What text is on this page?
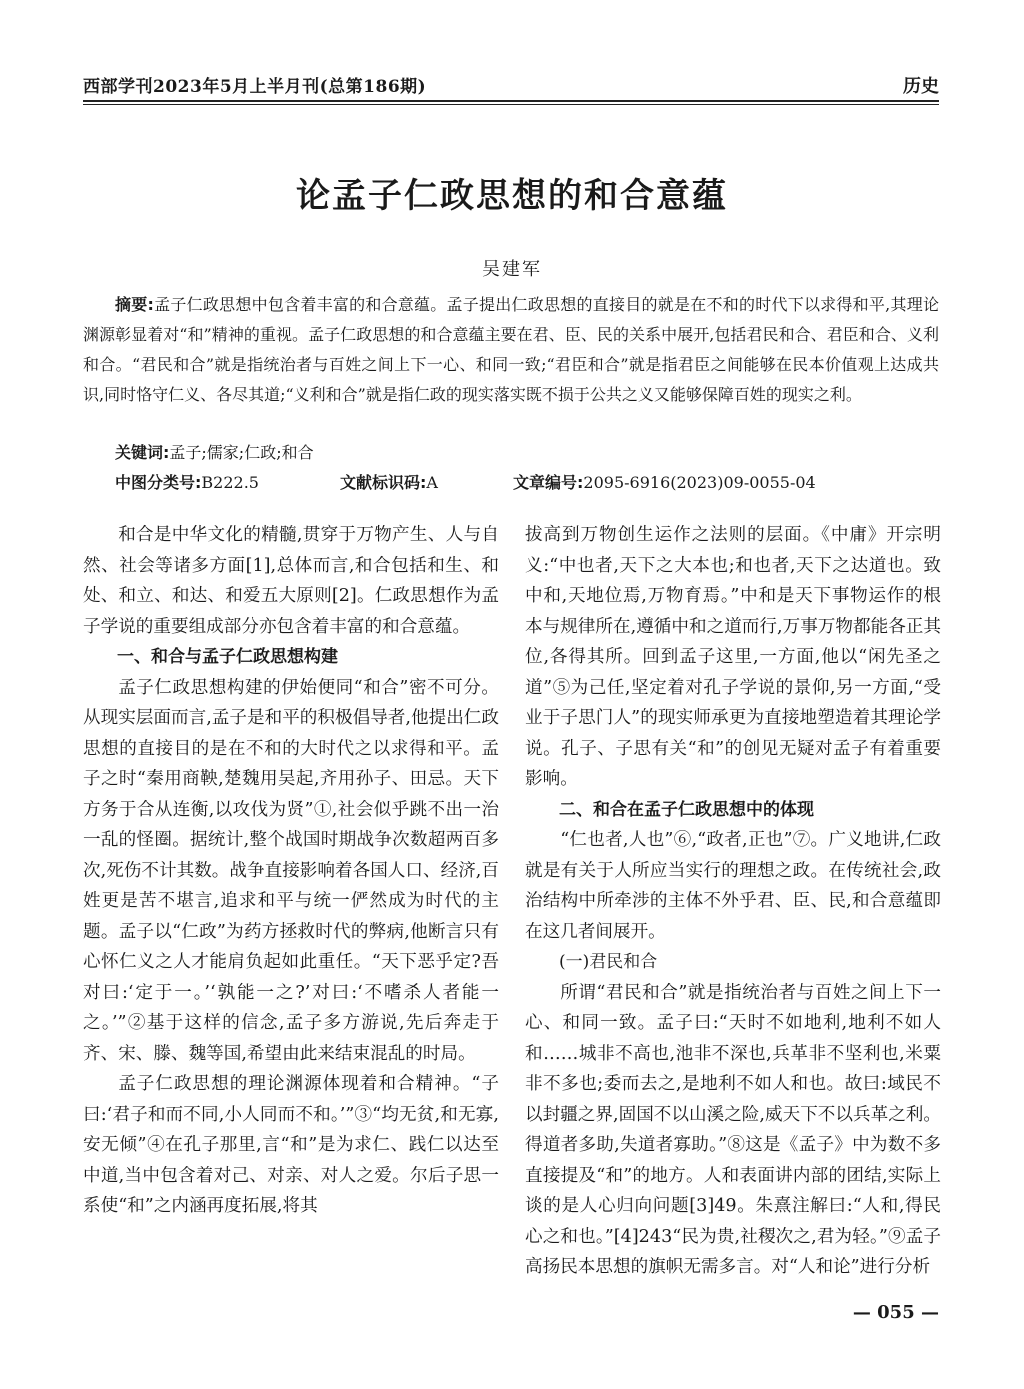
西部学刊2023年5月上半月刊(总第186期)	历史
论孟子仁政思想的和合意蕴
吴建军

摘要:孟子仁政思想中包含着丰富的和合意蕴。孟子提出仁政思想的直接目的就是在不和的时代下以求得和平,其理论渊源彰显着对“和”精神的重视。孟子仁政思想的和合意蕴主要在君、臣、民的关系中展开,包括君民和合、君臣和合、义利和合。“君民和合”就是指统治者与百姓之间上下一心、和同一致;“君臣和合”就是指君臣之间能够在民本价值观上达成共识,同时恪守仁义、各尽其道;“义利和合”就是指仁政的现实落实既不损于公共之义又能够保障百姓的现实之利。

关键词:孟子;儒家;仁政;和合
中图分类号:B222.5	文献标识码:A	文章编号:2095-6916(2023)09-0055-04

和合是中华文化的精髓,贯穿于万物产生、人与自然、社会等诸多方面[1],总体而言,和合包括和生、和处、和立、和达、和爱五大原则[2]。仁政思想作为孟子学说的重要组成部分亦包含着丰富的和合意蕴。

一、和合与孟子仁政思想构建

孟子仁政思想构建的伊始便同“和合”密不可分。从现实层面而言,孟子是和平的积极倡导者,他提出仁政思想的直接目的是在不和的大时代之以求得和平。孟子之时“秦用商鞅,楚魏用吴起,齐用孙子、田忌。天下方务于合从连衡,以攻伐为贤”①,社会似乎跳不出一治一乱的怪圈。据统计,整个战国时期战争次数超两百多次,死伤不计其数。战争直接影响着各国人口、经济,百姓更是苦不堪言,追求和平与统一俨然成为时代的主题。孟子以“仁政”为药方拯救时代的弊病,他断言只有心怀仁义之人才能肩负起如此重任。“天下恶乎定?吾对曰:‘定于一。’‘孰能一之?’对曰:‘不嗜杀人者能一之。’”②基于这样的信念,孟子多方游说,先后奔走于齐、宋、滕、魏等国,希望由此来结束混乱的时局。

孟子仁政思想的理论渊源体现着和合精神。“子曰:‘君子和而不同,小人同而不和。’”③“均无贫,和无寡,安无倾”④在孔子那里,言“和”是为求仁、践仁以达至中道,当中包含着对己、对亲、对人之爱。尔后子思一系使“和”之内涵再度拓展,将其

拔高到万物创生运作之法则的层面。《中庸》开宗明义:“中也者,天下之大本也;和也者,天下之达道也。致中和,天地位焉,万物育焉。”中和是天下事物运作的根本与规律所在,遵循中和之道而行,万事万物都能各正其位,各得其所。回到孟子这里,一方面,他以“闲先圣之道”⑤为己任,坚定着对孔子学说的景仰,另一方面,“受业于子思门人”的现实师承更为直接地塑造着其理论学说。孔子、子思有关“和”的创见无疑对孟子有着重要影响。

二、和合在孟子仁政思想中的体现

“仁也者,人也”⑥,“政者,正也”⑦。广义地讲,仁政就是有关于人所应当实行的理想之政。在传统社会,政治结构中所牵涉的主体不外乎君、臣、民,和合意蕴即在这几者间展开。

(一)君民和合

所谓“君民和合”就是指统治者与百姓之间上下一心、和同一致。孟子曰:“天时不如地利,地利不如人和……城非不高也,池非不深也,兵革非不坚利也,米粟非不多也;委而去之,是地利不如人和也。故曰:域民不以封疆之界,固国不以山溪之险,威天下不以兵革之利。得道者多助,失道者寡助。”⑧这是《孟子》中为数不多直接提及“和”的地方。人和表面讲内部的团结,实际上谈的是人心归向问题[3]49。朱熹注解曰:“人和,得民心之和也。”[4]243“民为贵,社稷次之,君为轻。”⑨孟子高扬民本思想的旗帜无需多言。对“人和论”进行分析

— 055 —
